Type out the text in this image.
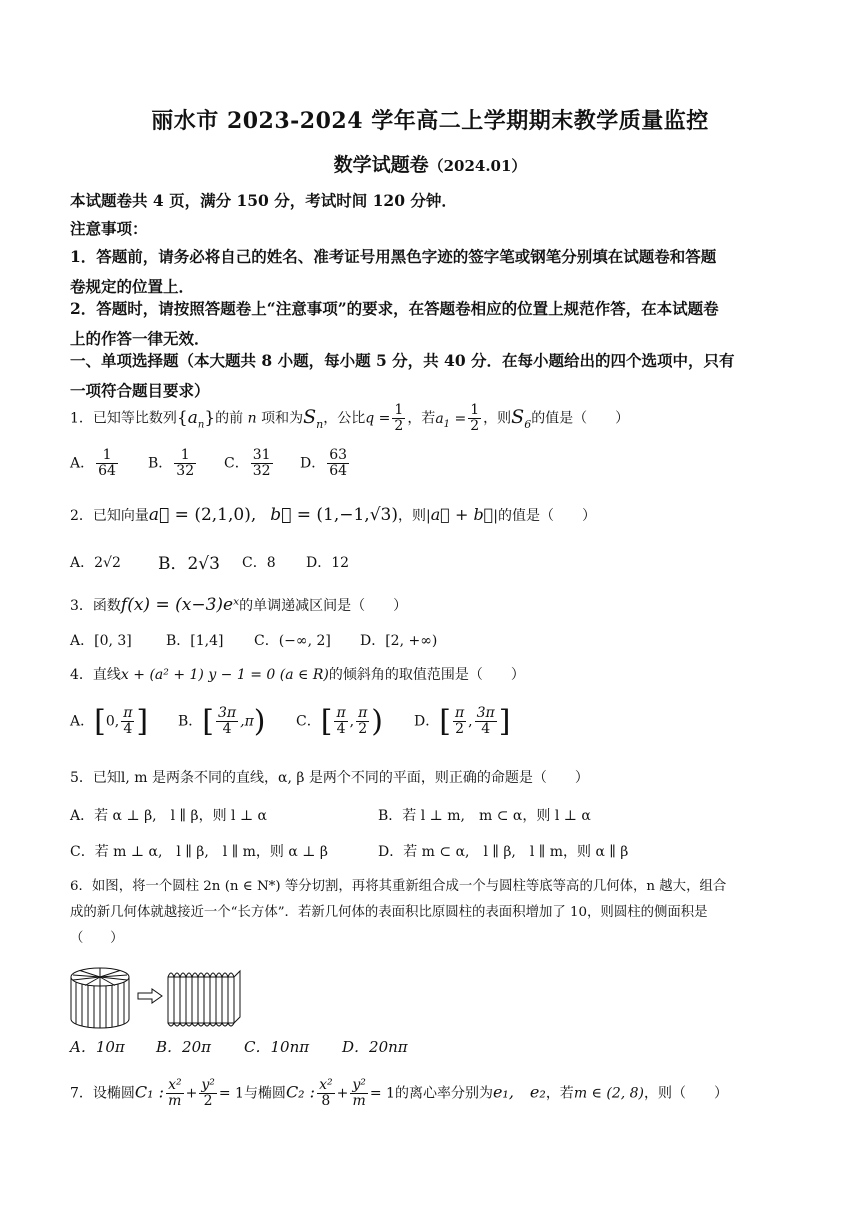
丽水市 2023-2024 学年高二上学期期末教学质量监控
数学试题卷（2024.01）
本试题卷共 4 页，满分 150 分，考试时间 120 分钟．
注意事项：
1．答题前，请务必将自己的姓名、准考证号用黑色字迹的签字笔或钢笔分别填在试题卷和答题
卷规定的位置上．
2．答题时，请按照答题卷上“注意事项”的要求，在答题卷相应的位置上规范作答，在本试题卷
上的作答一律无效．
一、单项选择题（本大题共 8 小题，每小题 5 分，共 40 分．在每小题给出的四个选项中，只有
一项符合题目要求）
1．已知等比数列$\{a_n\}$的前 n 项和为$S_n$，公比$q = \frac{1}{2}$ ，若$a_1 = \frac{1}{2}$ ，则$S_6$的值是（　　）
A． $\frac{1}{64}$ B． $\frac{1}{32}$ C． $\frac{31}{32}$ D． $\frac{63}{64}$
2．已知向量a⃗ = (2,1,0),　 b⃗ = (1,−1,√3)，则|a⃗ + b⃗|的值是（　　）
A．2√2 B．2√3 C．8 D．12
3．函数f(x) = (x−3)eˣ的单调递减区间是（　　）
A．[0, 3] B．[1,4] C．(−∞, 2] D．[2, +∞)
4．直线x + (a² + 1) y − 1 = 0 (a ∈ R)的倾斜角的取值范围是（　　）
A．[0, $\frac{\pi}{4}$ ] B．[ $\frac{3\pi}{4} ,\pi$) C．[ $\frac{\pi}{4}$ , $\frac{\pi}{2}$ ) D．[ $\frac{\pi}{2}$ , $\frac{3\pi}{4}$ ]
5．已知l, m 是两条不同的直线，α, β 是两个不同的平面，则正确的命题是（　　）
A．若 α ⊥ β,　l ∥ β，则 l ⊥ α	B．若 l ⊥ m,　m ⊂ α，则 l ⊥ α
C．若 m ⊥ α,　l ∥ β,　l ∥ m，则 α ⊥ β	D．若 m ⊂ α,　l ∥ β,　l ∥ m，则 α ∥ β
6．如图，将一个圆柱 2n (n ∈ N*) 等分切割，再将其重新组合成一个与圆柱等底等高的几何体，n 越大，组合
成的新几何体就越接近一个“长方体”．若新几何体的表面积比原圆柱的表面积增加了 10，则圆柱的侧面积是
（　　）
A．10π B．20π C．10nπ D．20nπ
7．设椭圆C₁ : $\frac{\text{x²}}{m} + \frac{\text{y²}}{2} = 1$与椭圆C₂ : $\frac{\text{x²}}{8} + \frac{\text{y²}}{m} = 1$的离心率分别为e₁,　e₂，若m ∈ (2, 8)，则（　　）
